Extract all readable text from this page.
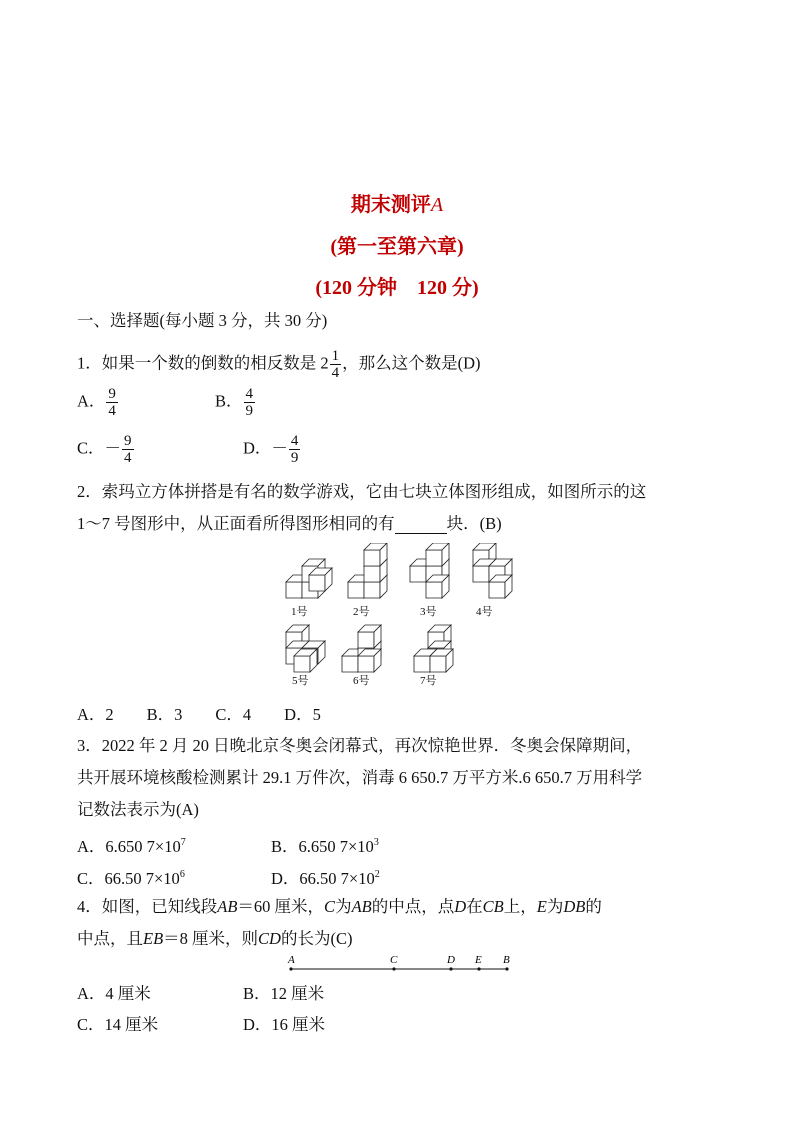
期末测评A
(第一至第六章)
(120 分钟　120 分)
一、选择题(每小题 3 分，共 30 分)
1．如果一个数的倒数的相反数是 $2 \frac{1}{4}$ ，那么这个数是(D)
A． $\frac{9}{4}$	B． $\frac{4}{9}$
C．－ $\frac{9}{4}$	D．－ $\frac{4}{9}$
2．索玛立方体拼搭是有名的数学游戏，它由七块立体图形组成，如图所示的这
1～7 号图形中，从正面看所得图形相同的有	块．(B)
1号	2号	3号	4号
5号	6号	7号
A．2　　B．3　　C．4　　D．5
3．2022 年 2 月 20 日晚北京冬奥会闭幕式，再次惊艳世界．冬奥会保障期间，
共开展环境核酸检测累计 29.1 万件次，消毒 6 650.7 万平方米.6 650.7 万用科学
记数法表示为(A)
A．6.650 $7\times 10^7$	B．6.650 $7\times 10^3$
C．66.50 $7\times 10^6$	D．66.50 $7\times 10^2$
4．如图，已知线段AB＝60 厘米，C为AB的中点，点D在CB上，E为DB的
中点，且EB＝8 厘米，则CD的长为(C)
A	C	D E B
A．4 厘米	B．12 厘米
C．14 厘米	D．16 厘米
